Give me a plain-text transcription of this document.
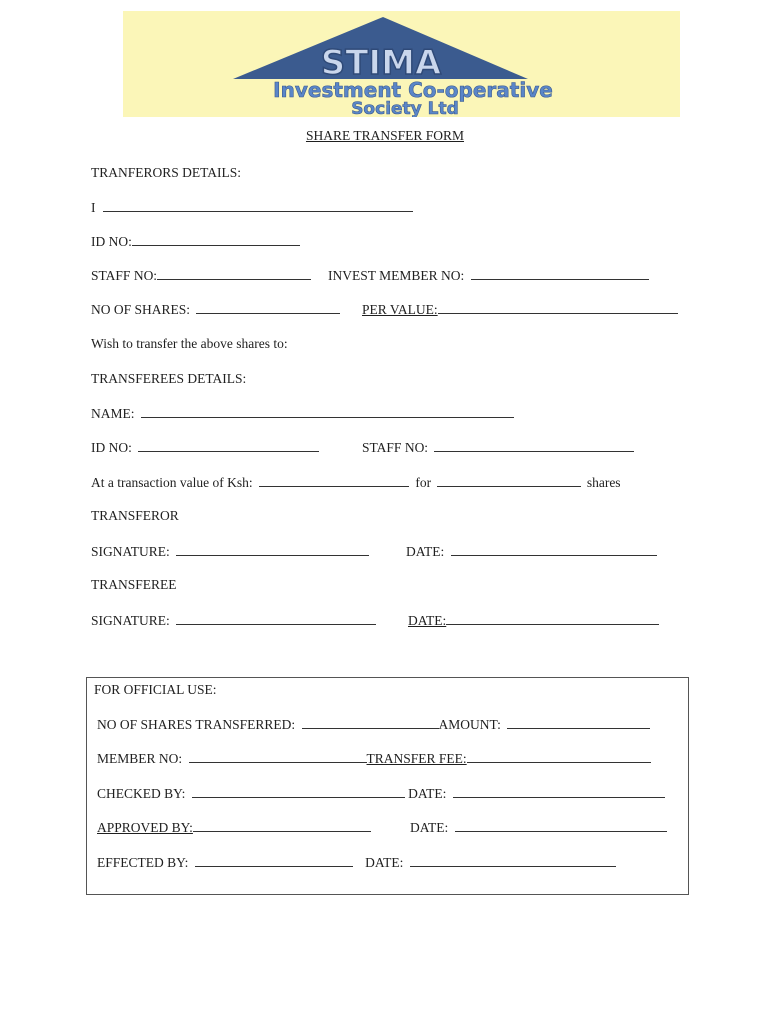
STIMA
Investment Co-operative
Society Ltd
SHARE TRANSFER FORM
TRANFERORS DETAILS:
I
ID NO:
STAFF NO:	INVEST MEMBER NO:
NO OF SHARES:	PER VALUE:
Wish to transfer the above shares to:
TRANSFEREES DETAILS:
NAME:
ID NO:	STAFF NO:
At a transaction value of Ksh:	for	shares
TRANSFEROR
SIGNATURE:	DATE:
TRANSFEREE
SIGNATURE:	DATE:
FOR OFFICIAL USE:
NO OF SHARES TRANSFERRED:	AMOUNT:
MEMBER NO:	TRANSFER FEE:
CHECKED BY:	DATE:
APPROVED BY:	DATE:
EFFECTED BY:	DATE:
